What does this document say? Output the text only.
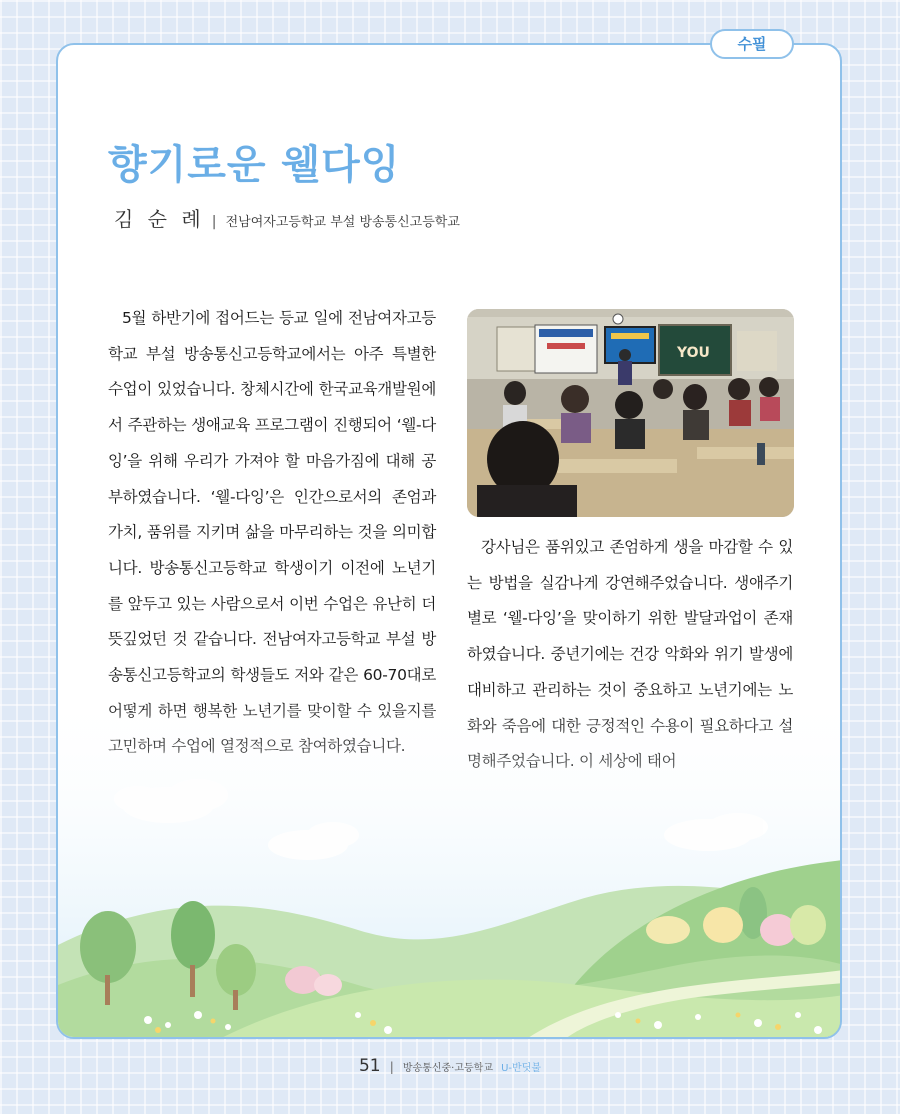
수필
향기로운 웰다잉
김 순 례 | 전남여자고등학교 부설 방송통신고등학교

5월 하반기에 접어드는 등교 일에 전남여자고등학교 부설 방송통신고등학교에서는 아주 특별한 수업이 있었습니다. 창체시간에 한국교육개발원에서 주관하는 생애교육 프로그램이 진행되어 ‘웰-다잉’을 위해 우리가 가져야 할 마음가짐에 대해 공부하였습니다. ‘웰-다잉’은 인간으로서의 존엄과 가치, 품위를 지키며 삶을 마무리하는 것을 의미합니다. 방송통신고등학교 학생이기 이전에 노년기를 앞두고 있는 사람으로서 이번 수업은 유난히 더 뜻깊었던 것 같습니다. 전남여자고등학교 부설 방송통신고등학교의 학생들도 저와 같은 60-70대로

YOU

강사님은 품위있고 존엄하게 생을 마감할 수 있는 방법을 실감나게 강연해주었습니다. 생애주기별로 ‘웰-다잉’을 맞이하기 위한 발달과업이 존재하였습니다. 중년기에는 건강 악화와 위기 발생에

51 | 방송통신중·고등학교 U-반딧불
